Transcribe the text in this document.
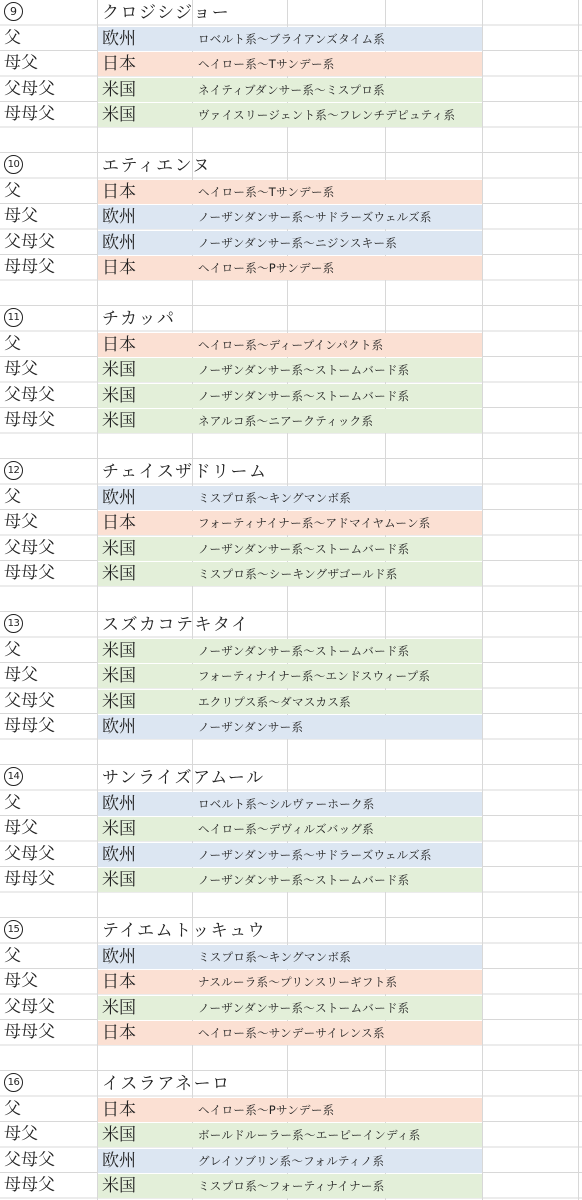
9	クロジシジョー
父	欧州	ロベルト系〜ブライアンズタイム系
母父	日本	ヘイロー系〜Tサンデー系
父母父	米国	ネイティブダンサー系〜ミスプロ系
母母父	米国	ヴァイスリージェント系〜フレンチデピュティ系
10	エティエンヌ
父	日本	ヘイロー系〜Tサンデー系
母父	欧州	ノーザンダンサー系〜サドラーズウェルズ系
父母父	欧州	ノーザンダンサー系〜ニジンスキー系
母母父	日本	ヘイロー系〜Pサンデー系
11	チカッパ
父	日本	ヘイロー系〜ディープインパクト系
母父	米国	ノーザンダンサー系〜ストームバード系
父母父	米国	ノーザンダンサー系〜ストームバード系
母母父	米国	ネアルコ系〜ニアークティック系
12	チェイスザドリーム
父	欧州	ミスプロ系〜キングマンボ系
母父	日本	フォーティナイナー系〜アドマイヤムーン系
父母父	米国	ノーザンダンサー系〜ストームバード系
母母父	米国	ミスプロ系〜シーキングザゴールド系
13	スズカコテキタイ
父	米国	ノーザンダンサー系〜ストームバード系
母父	米国	フォーティナイナー系〜エンドスウィープ系
父母父	米国	エクリプス系〜ダマスカス系
母母父	欧州	ノーザンダンサー系
14	サンライズアムール
父	欧州	ロベルト系〜シルヴァーホーク系
母父	米国	ヘイロー系〜デヴィルズバッグ系
父母父	欧州	ノーザンダンサー系〜サドラーズウェルズ系
母母父	米国	ノーザンダンサー系〜ストームバード系
15	テイエムトッキュウ
父	欧州	ミスプロ系〜キングマンボ系
母父	日本	ナスルーラ系〜プリンスリーギフト系
父母父	米国	ノーザンダンサー系〜ストームバード系
母母父	日本	ヘイロー系〜サンデーサイレンス系
16	イスラアネーロ
父	日本	ヘイロー系〜Pサンデー系
母父	米国	ボールドルーラー系〜エーピーインディ系
父母父	欧州	グレイソブリン系〜フォルティノ系
母母父	米国	ミスプロ系〜フォーティナイナー系
